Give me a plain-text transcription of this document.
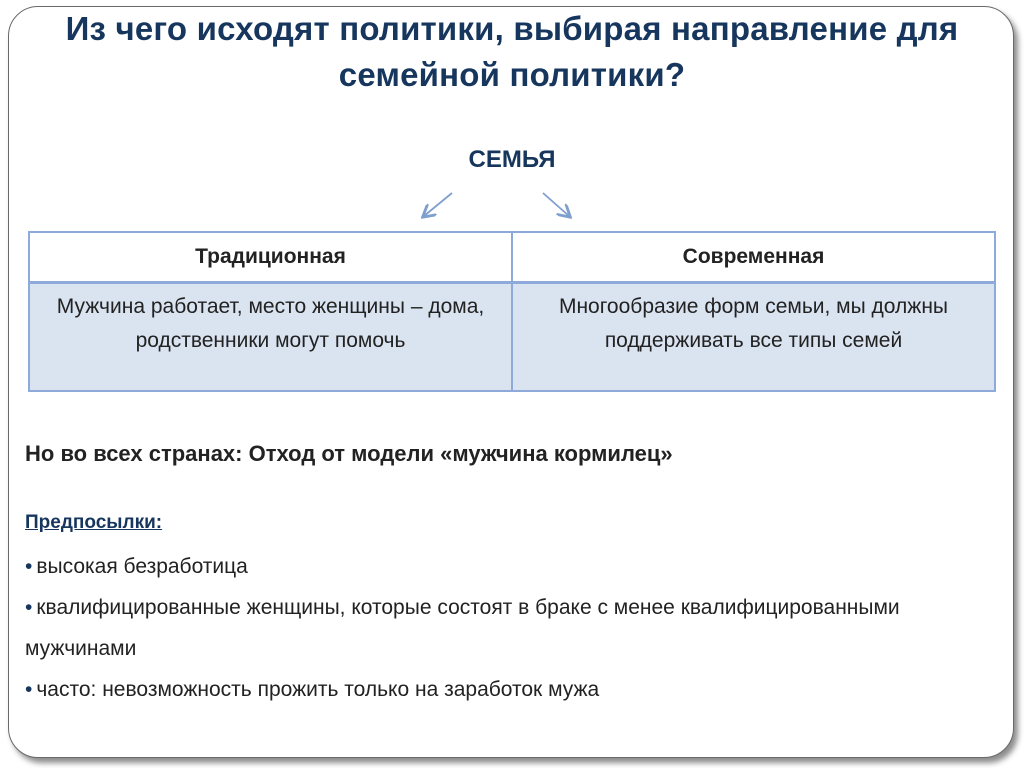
Из чего исходят политики, выбирая направление для семейной политики?
СЕМЬЯ
Традиционная	Современная
Мужчина работает, место женщины – дома, родственники могут помочь	Многообразие форм семьи, мы должны поддерживать все типы семей
Но во всех странах: Отход от модели «мужчина кормилец»
Предпосылки:
• высокая безработица
• квалифицированные женщины, которые состоят в браке с менее квалифицированными мужчинами
• часто: невозможность прожить только на заработок мужа
